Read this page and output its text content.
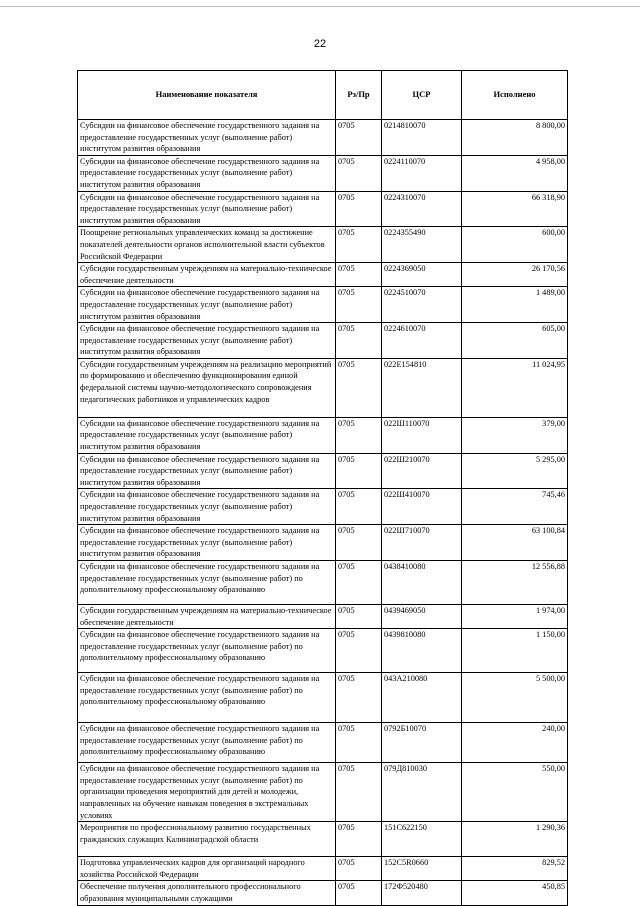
22
Наименование показателя	Рз/Пр	ЦСР	Исполнено
Субсидии на финансовое обеспечение государственного задания на предоставление государственных услуг (выполнение работ) институтом развития образования	0705	0214810070	8 800,00
Субсидии на финансовое обеспечение государственного задания на предоставление государственных услуг (выполнение работ) институтом развития образования	0705	0224110070	4 958,00
Субсидии на финансовое обеспечение государственного задания на предоставление государственных услуг (выполнение работ) институтом развития образования	0705	0224310070	66 318,90
Поощрение региональных управленческих команд за достижение показателей деятельности органов исполнительной власти субъектов Российской Федерации	0705	0224355490	600,00
Субсидии государственным учреждениям на материально-техническое обеспечение деятельности	0705	0224369050	26 170,56
Субсидии на финансовое обеспечение государственного задания на предоставление государственных услуг (выполнение работ) институтом развития образования	0705	0224510070	1 489,00
Субсидии на финансовое обеспечение государственного задания на предоставление государственных услуг (выполнение работ) институтом развития образования	0705	0224610070	605,00
Субсидии государственным учреждениям на реализацию мероприятий по формированию и обеспечению функционирования единой федеральной системы научно-методологического сопровождения педагогических работников и управленческих кадров	0705	022Е154810	11 024,95
Субсидии на финансовое обеспечение государственного задания на предоставление государственных услуг (выполнение работ) институтом развития образования	0705	022Ш110070	379,00
Субсидии на финансовое обеспечение государственного задания на предоставление государственных услуг (выполнение работ) институтом развития образования	0705	022Ш210070	5 295,00
Субсидии на финансовое обеспечение государственного задания на предоставление государственных услуг (выполнение работ) институтом развития образования	0705	022Ш410070	745,46
Субсидии на финансовое обеспечение государственного задания на предоставление государственных услуг (выполнение работ) институтом развития образования	0705	022Ш710070	63 100,84
Субсидии на финансовое обеспечение государственного задания на предоставление государственных услуг (выполнение работ) по дополнительному профессиональному образованию	0705	0438410080	12 556,88
Субсидии государственным учреждениям на материально-техническое обеспечение деятельности	0705	0439469050	1 974,00
Субсидии на финансовое обеспечение государственного задания на предоставление государственных услуг (выполнение работ) по дополнительному профессиональному образованию	0705	0439810080	1 150,00
Субсидии на финансовое обеспечение государственного задания на предоставление государственных услуг (выполнение работ) по дополнительному профессиональному образованию	0705	043А210080	5 500,00
Субсидии на финансовое обеспечение государственного задания на предоставление государственных услуг (выполнение работ) по дополнительному профессиональному образованию	0705	0792Б10070	240,00
Субсидии на финансовое обеспечение государственного задания на предоставление государственных услуг (выполнение работ) по организации проведения мероприятий для детей и молодежи, направленных на обучение навыкам поведения в экстремальных условиях	0705	079Д810030	550,00
Мероприятия по профессиональному развитию государственных гражданских служащих Калининградской области	0705	151С622150	1 290,36
Подготовка управленческих кадров для организаций народного хозяйства Российской Федерации	0705	152С5R0660	829,52
Обеспечение получения дополнительного профессионального образования муниципальными служащими	0705	172Ф520480	450,85
